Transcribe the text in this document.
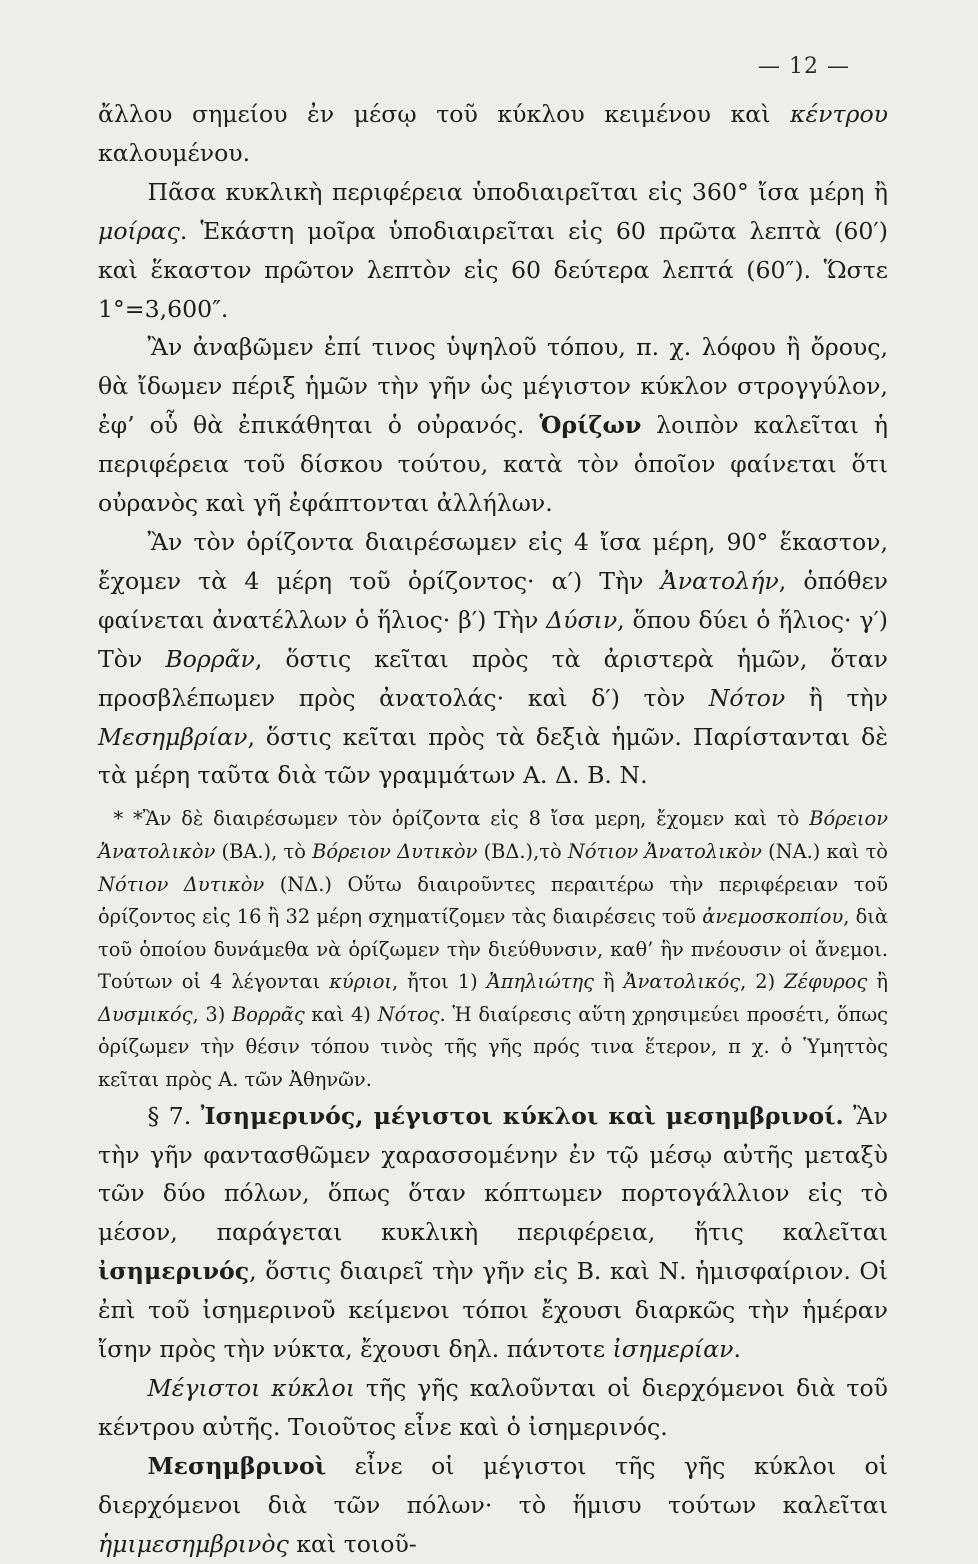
— 12 —

ἄλλου σημείου ἐν μέσῳ τοῦ κύκλου κειμένου καὶ κέντρου καλουμένου.

Πᾶσα κυκλικὴ περιφέρεια ὑποδιαιρεῖται εἰς 360° ἴσα μέρη ἢ μοίρας. Ἑκάστη μοῖρα ὑποδιαιρεῖται εἰς 60 πρῶτα λεπτὰ (60′) καὶ ἕκαστον πρῶτον λεπτὸν εἰς 60 δεύτερα λεπτά (60″). Ὥστε 1°=3,600″.

Ἂν ἀναβῶμεν ἐπί τινος ὑψηλοῦ τόπου, π. χ. λόφου ἢ ὄρους, θὰ ἴδωμεν πέριξ ἡμῶν τὴν γῆν ὡς μέγιστον κύκλον στρογγύλον, ἐφ’ οὗ θὰ ἐπικάθηται ὁ οὐρανός. Ὁρίζων λοιπὸν καλεῖται ἡ περιφέρεια τοῦ δίσκου τούτου, κατὰ τὸν ὁποῖον φαίνεται ὅτι οὐρανὸς καὶ γῆ ἐφάπτονται ἀλλήλων.

Ἂν τὸν ὁρίζοντα διαιρέσωμεν εἰς 4 ἴσα μέρη, 90° ἕκαστον, ἔχομεν τὰ 4 μέρη τοῦ ὁρίζοντος· α′) Τὴν Ἀνατολήν, ὁπόθεν φαίνεται ἀνατέλλων ὁ ἥλιος· β′) Τὴν Δύσιν, ὅπου δύει ὁ ἥλιος· γ′) Τὸν Βορρᾶν, ὅστις κεῖται πρὸς τὰ ἀριστερὰ ἡμῶν, ὅταν προσβλέπωμεν πρὸς ἀνατολάς· καὶ δ′) τὸν Νότον ἢ τὴν Μεσημβρίαν, ὅστις κεῖται πρὸς τὰ δεξιὰ ἡμῶν. Παρίστανται δὲ τὰ μέρη ταῦτα διὰ τῶν γραμμάτων Α. Δ. Β. Ν.

* *Ἂν δὲ διαιρέσωμεν τὸν ὁρίζοντα εἰς 8 ἴσα μερη, ἔχομεν καὶ τὸ Βόρειον Ἀνατολικὸν (ΒΑ.), τὸ Βόρειον Δυτικὸν (ΒΔ.),τὸ Νότιον Ἀνατολικὸν (ΝΑ.) καὶ τὸ Νότιον Δυτικὸν (ΝΔ.) Οὕτω διαιροῦντες περαιτέρω τὴν περιφέρειαν τοῦ ὁρίζοντος εἰς 16 ἢ 32 μέρη σχηματίζομεν τὰς διαιρέσεις τοῦ ἀνεμοσκοπίου, διὰ τοῦ ὁποίου δυνάμεθα νὰ ὁρίζωμεν τὴν διεύθυνσιν, καθ’ ἣν πνέουσιν οἱ ἄνεμοι. Τούτων οἱ 4 λέγονται κύριοι, ἤτοι 1) Ἀπηλιώτης ἢ Ἀνατολικός, 2) Ζέφυρος ἢ Δυσμικός, 3) Βορρᾶς καὶ 4) Νότος. Ἡ διαίρεσις αὕτη χρησιμεύει προσέτι, ὅπως ὁρίζωμεν τὴν θέσιν τόπου τινὸς τῆς γῆς πρός τινα ἕτερον, π χ. ὁ Ὑμηττὸς κεῖται πρὸς Α. τῶν Ἀθηνῶν.

§ 7. Ἰσημερινός, μέγιστοι κύκλοι καὶ μεσημβρινοί. Ἂν τὴν γῆν φαντασθῶμεν χαρασσομένην ἐν τῷ μέσῳ αὐτῆς μεταξὺ τῶν δύο πόλων, ὅπως ὅταν κόπτωμεν πορτογάλλιον εἰς τὸ μέσον, παράγεται κυκλικὴ περιφέρεια, ἥτις καλεῖται ἰσημερινός, ὅστις διαιρεῖ τὴν γῆν εἰς Β. καὶ Ν. ἡμισφαίριον. Οἱ ἐπὶ τοῦ ἰσημερινοῦ κείμενοι τόποι ἔχουσι διαρκῶς τὴν ἡμέραν ἴσην πρὸς τὴν νύκτα, ἔχουσι δηλ. πάντοτε ἰσημερίαν.

Μέγιστοι κύκλοι τῆς γῆς καλοῦνται οἱ διερχόμενοι διὰ τοῦ κέντρου αὐτῆς. Τοιοῦτος εἶνε καὶ ὁ ἰσημερινός.

Μεσημβρινοὶ εἶνε οἱ μέγιστοι τῆς γῆς κύκλοι οἱ διερχόμενοι διὰ τῶν πόλων· τὸ ἥμισυ τούτων καλεῖται ἡμιμεσημβρινὸς καὶ τοιοῦ-
